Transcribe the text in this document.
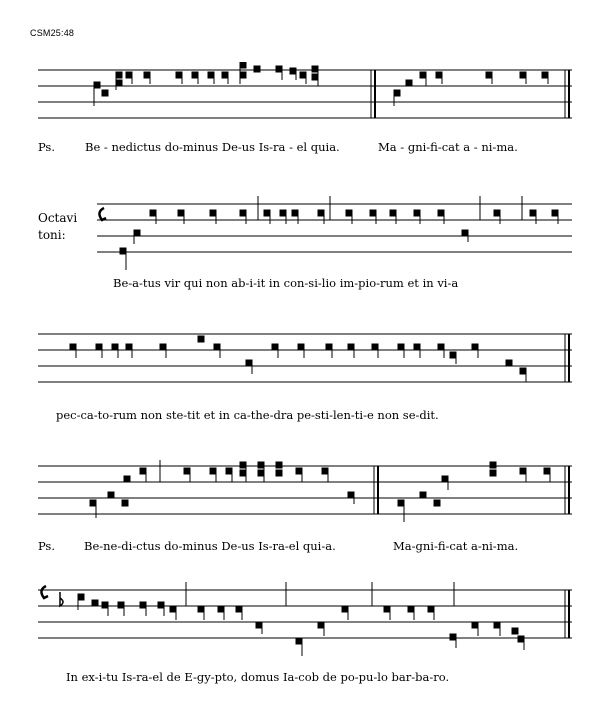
CSM25:48
Ps.	Be - nedictus do-minus De-us Is-ra - el quia.	Ma - gni-fi-cat a - ni-ma.
Octavi
toni:
Be-a-tus vir qui non ab-i-it in con-si-lio im-pio-rum et in vi-a
pec-ca-to-rum non ste-tit et in ca-the-dra pe-sti-len-ti-e non se-dit.
Ps.	Be-ne-di-ctus do-minus De-us Is-ra-el qui-a.	Ma-gni-fi-cat a-ni-ma.
In ex-i-tu Is-ra-el de E-gy-pto, domus Ia-cob de po-pu-lo bar-ba-ro.
